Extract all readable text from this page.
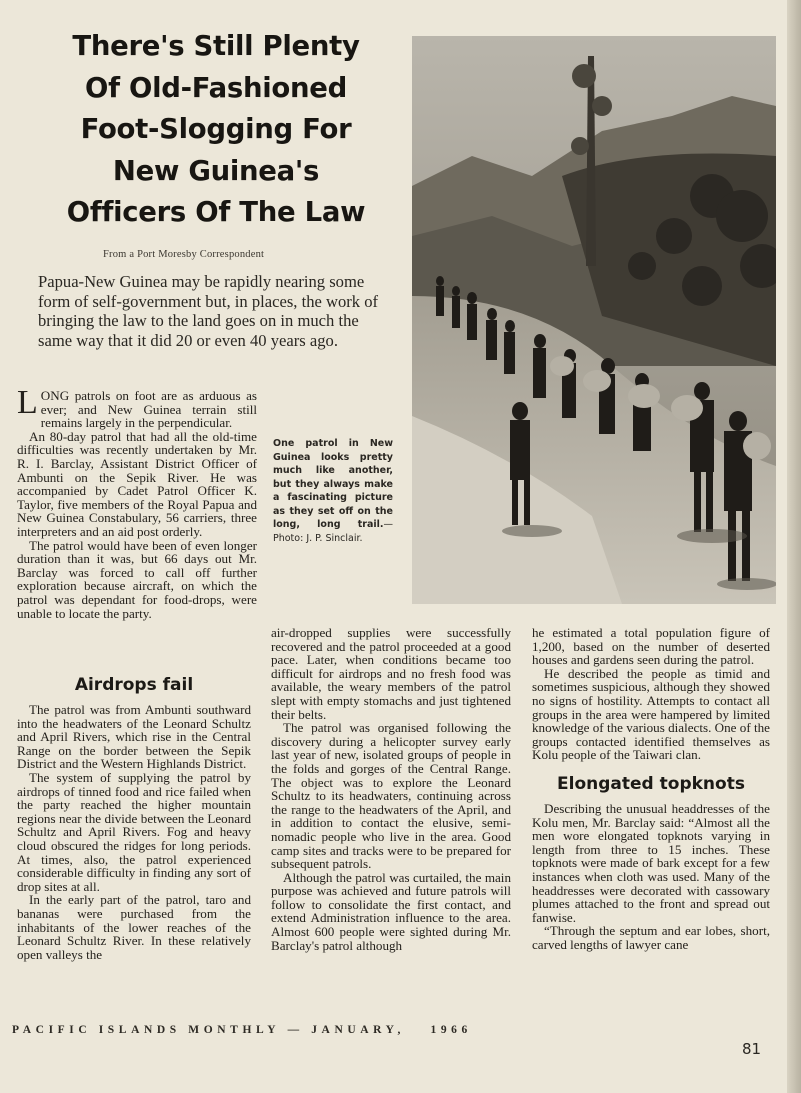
There's Still Plenty
Of Old-Fashioned
Foot-Slogging For
New Guinea's
Officers Of The Law
From a Port Moresby Correspondent

Papua-New Guinea may be rapidly nearing some form of self-government but, in places, the work of bringing the law to the land goes on in much the same way that it did 20 or even 40 years ago.

LONG patrols on foot are as arduous as ever; and New Guinea terrain still remains largely in the perpendicular.

An 80-day patrol that had all the old-time difficulties was recently undertaken by Mr. R. I. Barclay, Assistant District Officer of Ambunti on the Sepik River. He was accompanied by Cadet Patrol Officer K. Taylor, five members of the Royal Papua and New Guinea Constabulary, 56 carriers, three interpreters and an aid post orderly.

The patrol would have been of even longer duration than it was, but 66 days out Mr. Barclay was forced to call off further exploration because aircraft, on which the patrol was dependant for food-drops, were unable to locate the party.

One patrol in New Guinea looks pretty much like another, but they always make a fascinating picture as they set off on the long, long trail.—Photo: J. P. Sinclair.
Airdrops fail

The patrol was from Ambunti southward into the headwaters of the Leonard Schultz and April Rivers, which rise in the Central Range on the border between the Sepik District and the Western Highlands District.

The system of supplying the patrol by airdrops of tinned food and rice failed when the party reached the higher mountain regions near the divide between the Leonard Schultz and April Rivers. Fog and heavy cloud obscured the ridges for long periods. At times, also, the patrol experienced considerable difficulty in finding any sort of drop sites at all.

In the early part of the patrol, taro and bananas were purchased from the inhabitants of the lower reaches of the Leonard Schultz River. In these relatively open valleys the

air-dropped supplies were successfully recovered and the patrol proceeded at a good pace. Later, when conditions became too difficult for airdrops and no fresh food was available, the weary members of the patrol slept with empty stomachs and just tightened their belts.

The patrol was organised following the discovery during a helicopter survey early last year of new, isolated groups of people in the folds and gorges of the Central Range. The object was to explore the Leonard Schultz to its headwaters, continuing across the range to the headwaters of the April, and in addition to contact the elusive, semi-nomadic people who live in the area. Good camp sites and tracks were to be prepared for subsequent patrols.

Although the patrol was curtailed, the main purpose was achieved and future patrols will follow to consolidate the first contact, and extend Administration influence to the area. Almost 600 people were sighted during Mr. Barclay's patrol although

he estimated a total population figure of 1,200, based on the number of deserted houses and gardens seen during the patrol.

He described the people as timid and sometimes suspicious, although they showed no signs of hostility. Attempts to contact all groups in the area were hampered by limited knowledge of the various dialects. One of the groups contacted identified themselves as Kolu people of the Taiwari clan.

Elongated topknots

Describing the unusual headdresses of the Kolu men, Mr. Barclay said: “Almost all the men wore elongated topknots varying in length from three to 15 inches. These topknots were made of bark except for a few instances when cloth was used. Many of the headdresses were decorated with cassowary plumes attached to the front and spread out fanwise.

“Through the septum and ear lobes, short, carved lengths of lawyer cane

PACIFIC ISLANDS MONTHLY — JANUARY, 1966
81
